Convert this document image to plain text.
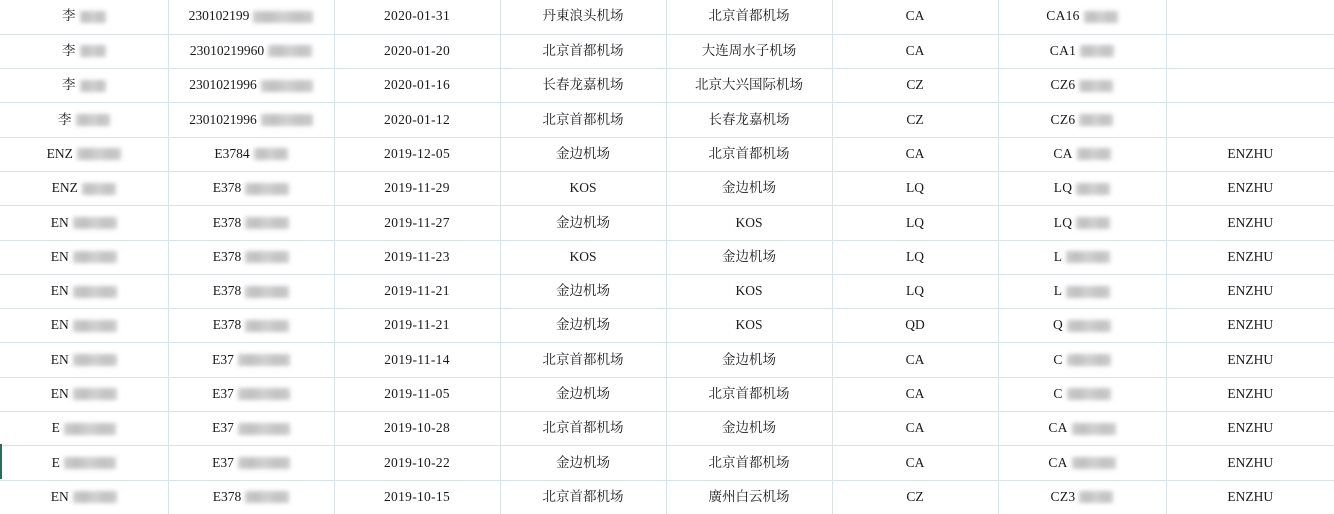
李	230102199	2020-01-31	丹東浪头机场	北京首都机场	CA	CA16	

李	23010219960	2020-01-20	北京首都机场	大连周水子机场	CA	CA1	

李	2301021996	2020-01-16	长春龙嘉机场	北京大兴国际机场	CZ	CZ6	

李	2301021996	2020-01-12	北京首都机场	长春龙嘉机场	CZ	CZ6	

ENZ	E3784	2019-12-05	金边机场	北京首都机场	CA	CA	ENZHU

ENZ	E378	2019-11-29	KOS	金边机场	LQ	LQ	ENZHU

EN	E378	2019-11-27	金边机场	KOS	LQ	LQ	ENZHU

EN	E378	2019-11-23	KOS	金边机场	LQ	L	ENZHU

EN	E378	2019-11-21	金边机场	KOS	LQ	L	ENZHU

EN	E378	2019-11-21	金边机场	KOS	QD	Q	ENZHU

EN	E37	2019-11-14	北京首都机场	金边机场	CA	C	ENZHU

EN	E37	2019-11-05	金边机场	北京首都机场	CA	C	ENZHU

E	E37	2019-10-28	北京首都机场	金边机场	CA	CA	ENZHU

E	E37	2019-10-22	金边机场	北京首都机场	CA	CA	ENZHU

EN	E378	2019-10-15	北京首都机场	廣州白云机场	CZ	CZ3	ENZHU
